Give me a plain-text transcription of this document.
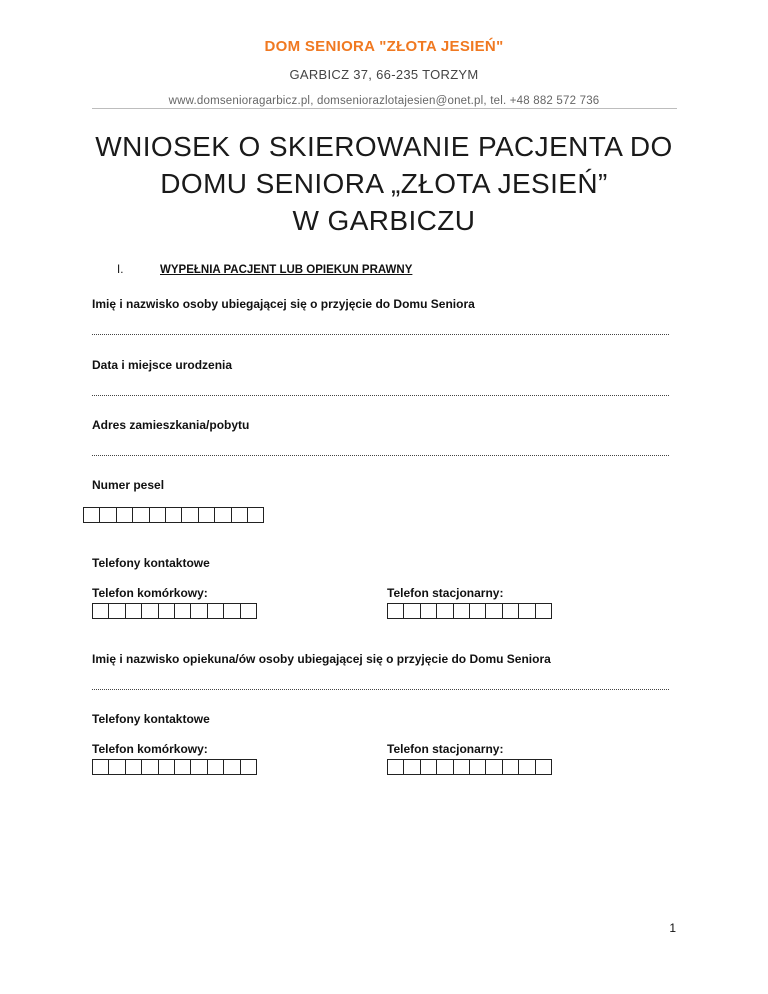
DOM SENIORA "ZŁOTA JESIEŃ"
GARBICZ 37, 66-235 TORZYM
www.domsenioragarbicz.pl, domseniorazlotajesien@onet.pl, tel. +48 882 572 736
WNIOSEK O SKIEROWANIE PACJENTA DO
DOMU SENIORA „ZŁOTA JESIEŃ”
W GARBICZU
I.	WYPEŁNIA PACJENT LUB OPIEKUN PRAWNY
Imię i nazwisko osoby ubiegającej się o przyjęcie do Domu Seniora
Data i miejsce urodzenia
Adres zamieszkania/pobytu
Numer pesel
Telefony kontaktowe
Telefon komórkowy:	Telefon stacjonarny:
Imię i nazwisko opiekuna/ów osoby ubiegającej się o przyjęcie do Domu Seniora
Telefony kontaktowe
Telefon komórkowy:	Telefon stacjonarny:
1
